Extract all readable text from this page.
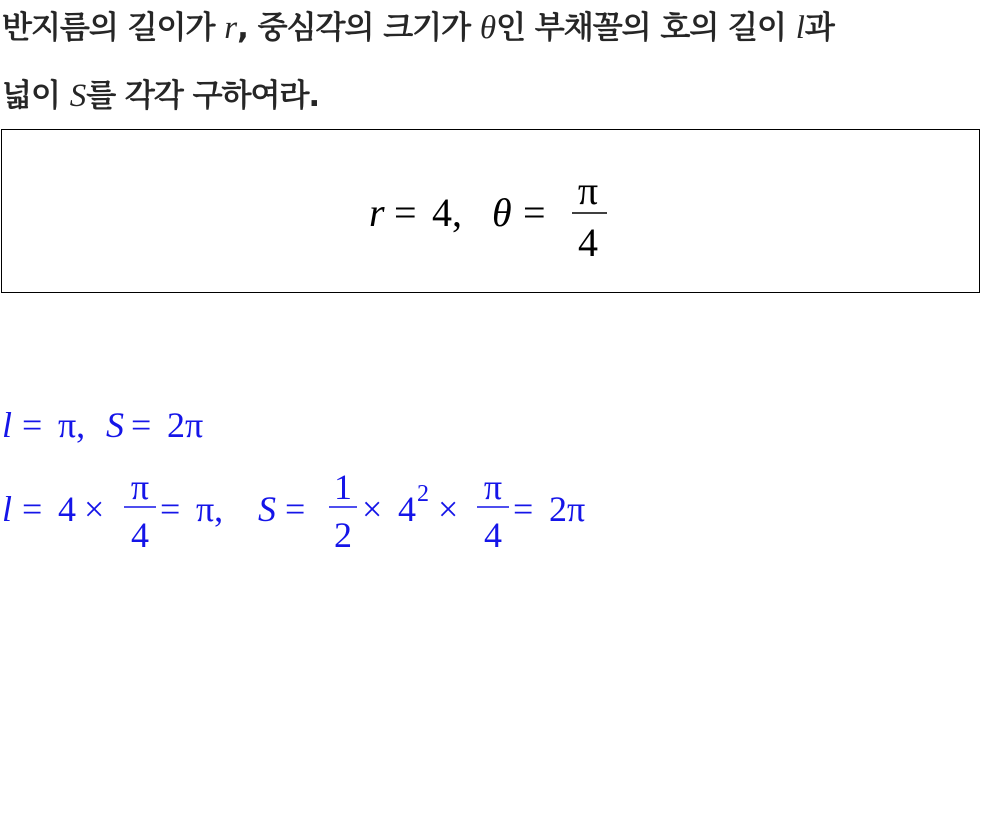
반지름의 길이가 r, 중심각의 크기가 θ인 부채꼴의 호의 길이 l과
넓이 S를 각각 구하여라.
r = 4, θ = π
4
l = π, S = 2π
l = 4 ×
π
4
= π, S =
1
2
× 4 2 ×
π
4
= 2π
